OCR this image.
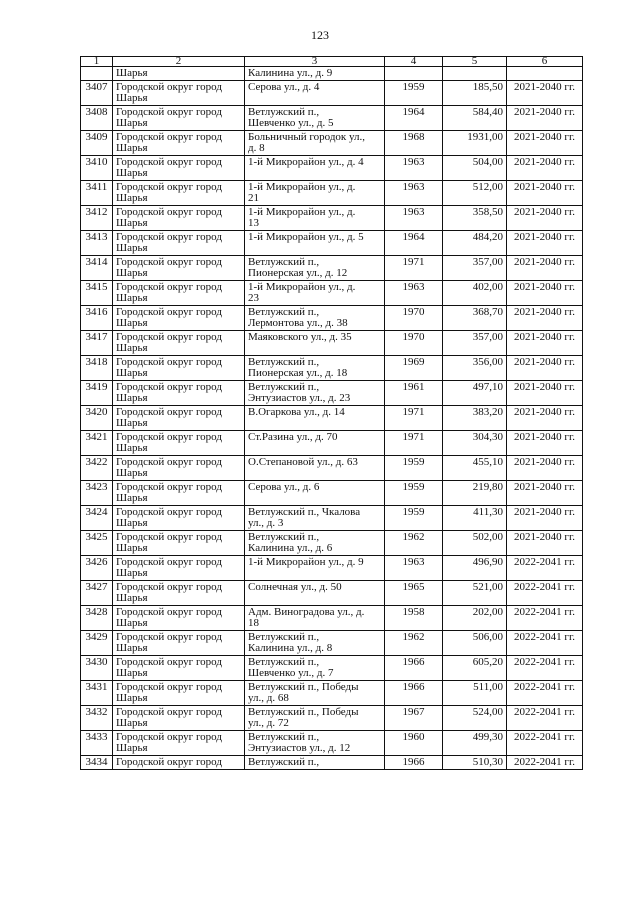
123
1	2	3	4	5	6

	Шарья	Калинина ул., д. 9			

3407	Городской округ город
Шарья	Серова ул., д. 4	1959	185,50	2021-2040 гг.

3408	Городской округ город
Шарья	Ветлужский п.,
Шевченко ул., д. 5	1964	584,40	2021-2040 гг.

3409	Городской округ город
Шарья	Больничный городок ул.,
д. 8	1968	1931,00	2021-2040 гг.

3410	Городской округ город
Шарья	1-й Микрорайон ул., д. 4	1963	504,00	2021-2040 гг.

3411	Городской округ город
Шарья	1-й Микрорайон ул., д.
21	1963	512,00	2021-2040 гг.

3412	Городской округ город
Шарья	1-й Микрорайон ул., д.
13	1963	358,50	2021-2040 гг.

3413	Городской округ город
Шарья	1-й Микрорайон ул., д. 5	1964	484,20	2021-2040 гг.

3414	Городской округ город
Шарья	Ветлужский п.,
Пионерская ул., д. 12	1971	357,00	2021-2040 гг.

3415	Городской округ город
Шарья	1-й Микрорайон ул., д.
23	1963	402,00	2021-2040 гг.

3416	Городской округ город
Шарья	Ветлужский п.,
Лермонтова ул., д. 38	1970	368,70	2021-2040 гг.

3417	Городской округ город
Шарья	Маяковского ул., д. 35	1970	357,00	2021-2040 гг.

3418	Городской округ город
Шарья	Ветлужский п.,
Пионерская ул., д. 18	1969	356,00	2021-2040 гг.

3419	Городской округ город
Шарья	Ветлужский п.,
Энтузиастов ул., д. 23	1961	497,10	2021-2040 гг.

3420	Городской округ город
Шарья	В.Огаркова ул., д. 14	1971	383,20	2021-2040 гг.

3421	Городской округ город
Шарья	Ст.Разина ул., д. 70	1971	304,30	2021-2040 гг.

3422	Городской округ город
Шарья	О.Степановой ул., д. 63	1959	455,10	2021-2040 гг.

3423	Городской округ город
Шарья	Серова ул., д. 6	1959	219,80	2021-2040 гг.

3424	Городской округ город
Шарья	Ветлужский п., Чкалова
ул., д. 3	1959	411,30	2021-2040 гг.

3425	Городской округ город
Шарья	Ветлужский п.,
Калинина ул., д. 6	1962	502,00	2021-2040 гг.

3426	Городской округ город
Шарья	1-й Микрорайон ул., д. 9	1963	496,90	2022-2041 гг.

3427	Городской округ город
Шарья	Солнечная ул., д. 50	1965	521,00	2022-2041 гг.

3428	Городской округ город
Шарья	Адм. Виноградова ул., д.
18	1958	202,00	2022-2041 гг.

3429	Городской округ город
Шарья	Ветлужский п.,
Калинина ул., д. 8	1962	506,00	2022-2041 гг.

3430	Городской округ город
Шарья	Ветлужский п.,
Шевченко ул., д. 7	1966	605,20	2022-2041 гг.

3431	Городской округ город
Шарья	Ветлужский п., Победы
ул., д. 68	1966	511,00	2022-2041 гг.

3432	Городской округ город
Шарья	Ветлужский п., Победы
ул., д. 72	1967	524,00	2022-2041 гг.

3433	Городской округ город
Шарья	Ветлужский п.,
Энтузиастов ул., д. 12	1960	499,30	2022-2041 гг.

3434	Городской округ город	Ветлужский п.,	1966	510,30	2022-2041 гг.
